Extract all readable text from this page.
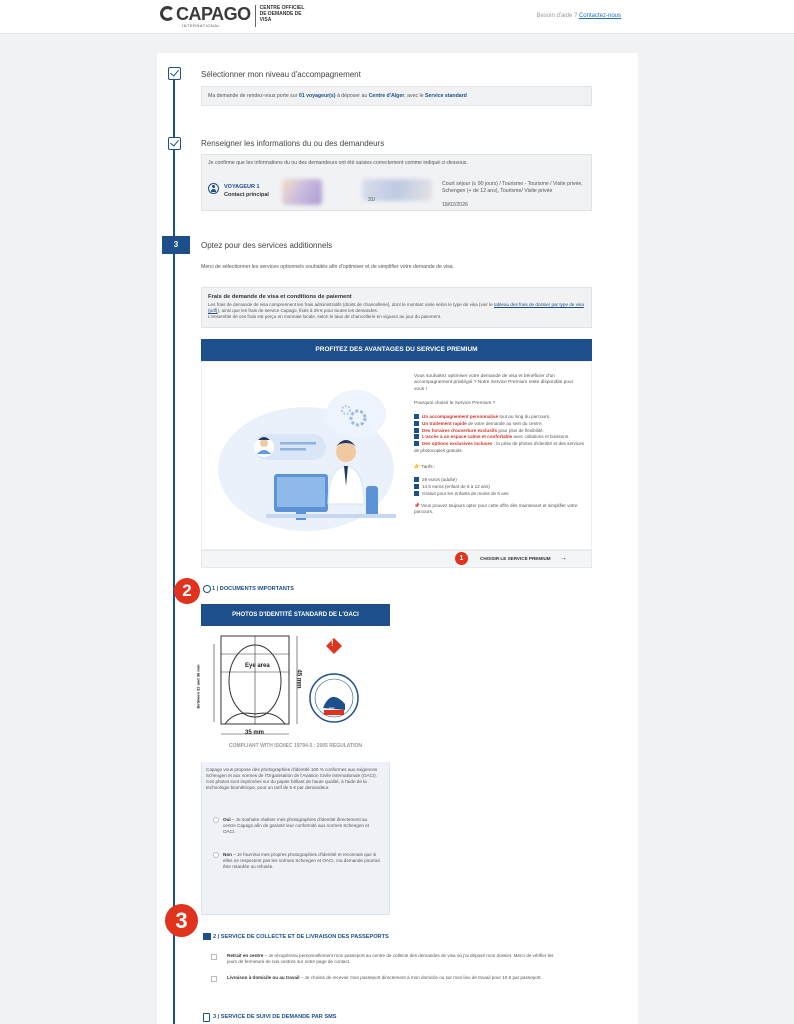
CAPAGO
INTERNATIONAL
CENTRE OFFICIEL DE DEMANDE DE VISA
Besoin d'aide ? Contactez-nous
Sélectionner mon niveau d'accompagnement
Ma demande de rendez-vous porte sur 01 voyageur(s) à déposer au Centre d'Alger, avec le Service standard
Renseigner les informations du ou des demandeurs
Je confirme que les informations du ou des demandeurs ont été saisies correctement comme indiqué ci-dessous.
VOYAGEUR 1
Contact principal
31/
Court séjour (≤ 90 jours) / Tourisme - Tourisme / Visite privée, Schengen (+ de 12 ans), Tourisme/ Visite privée
18/02/2026
3	Optez pour des services additionnels
Merci de sélectionner les services optionnels souhaités afin d'optimiser et de simplifier votre demande de visa.
Frais de demande de visa et conditions de paiement
Les frais de demande de visa comprennent les frais administratifs (droits de chancellerie), dont le montant varie selon le type de visa (voir le tableau des frais de dossier par type de visa (pdf)), ainsi que les frais de service Capago, fixés à 29 € pour toutes les demandes.
L'ensemble de ces frais est perçu en monnaie locale, selon le taux de chancellerie en vigueur au jour du paiement.
PROFITEZ DES AVANTAGES DU SERVICE PREMIUM
Vous souhaitez optimiser votre demande de visa et bénéficier d'un accompagnement privilégié ? Notre Service Premium reste disponible pour vous !
Pourquoi choisir le Service Premium ?
Un accompagnement personnalisé tout au long du parcours.
Un traitement rapide de votre demande au sein du centre.
Des horaires d'ouverture exclusifs pour plus de flexibilité.
L'accès à un espace calme et confortable avec collations et boissons.
Des options exclusives incluses : la prise de photos d'identité et des services de photocopies gratuits.
👉 Tarifs :
29 euros (adulte)
14,5 euros (enfant de 6 à 12 ans)
Gratuit pour les enfants de moins de 6 ans
📌 Vous pouvez toujours opter pour cette offre dès maintenant et simplifier votre parcours.
CHOISIR LE SERVICE PREMIUM →
1
2	1 | DOCUMENTS IMPORTANTS
PHOTOS D'IDENTITÉ STANDARD DE L'OACI
Eye area
Between 32 and 36 mm	45 mm
35 mm
!
RF
COMPLIANT WITH ISO/IEC 19794-5 : 2005 REGULATION
Capago vous propose des photographies d'identité 100 % conformes aux exigences Schengen et aux normes de l'Organisation de l'Aviation Civile Internationale (OACI). Ces photos sont imprimées sur du papier brillant de haute qualité, à l'aide de la technologie biométrique, pour un tarif de 5 € par demandeur.
Oui – Je souhaite réaliser mes photographies d'identité directement au centre Capago afin de garantir leur conformité aux normes Schengen et OACI.
Non – Je fournirai mes propres photographies d'identité et reconnais que si elles ne respectent pas les normes Schengen et OACI, ma demande pourrait être retardée ou refusée.
3
2 | SERVICE DE COLLECTE ET DE LIVRAISON DES PASSEPORTS
Retrait en centre – Je récupérerai personnellement mon passeport au centre de collecte des demandes de visa où j'ai déposé mon dossier. Merci de vérifier les jours de fermeture de nos centres sur notre page de contact.
Livraison à domicile ou au travail – Je choisis de recevoir mon passeport directement à mon domicile ou sur mon lieu de travail pour 10 € par passeport.
3 | SERVICE DE SUIVI DE DEMANDE PAR SMS
